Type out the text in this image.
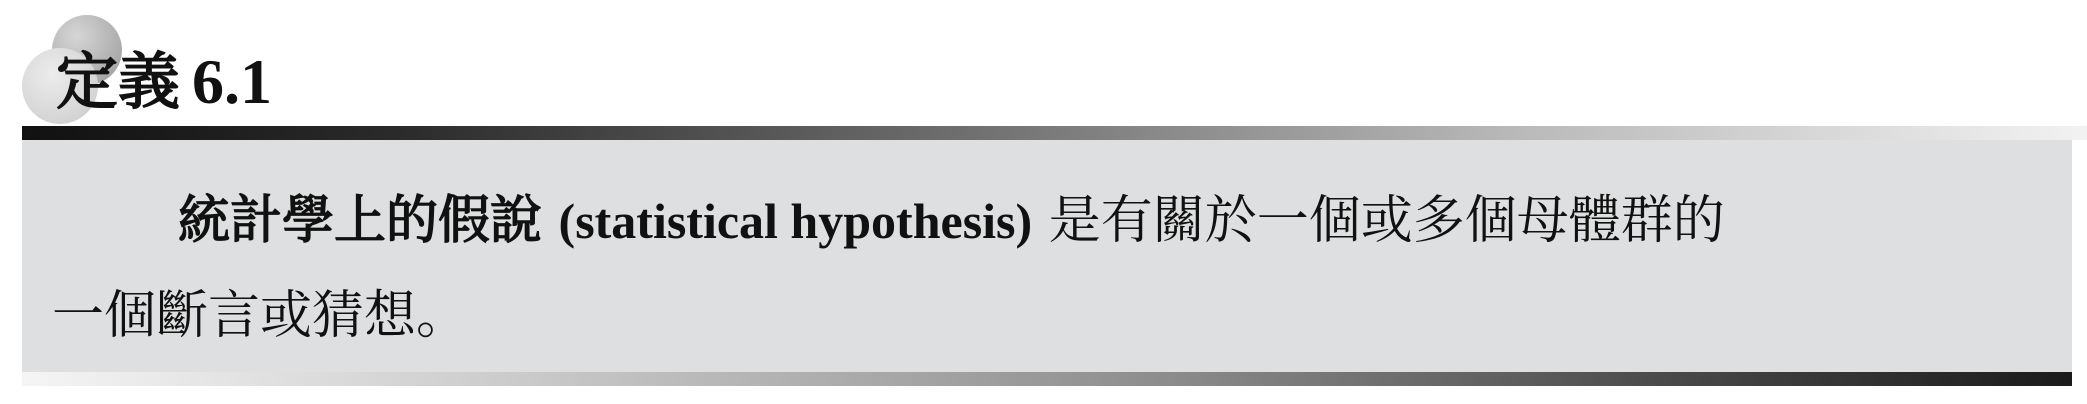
定義 6.1
統計學上的假說 (statistical hypothesis) 是有關於一個或多個母體群的
一個斷言或猜想。
